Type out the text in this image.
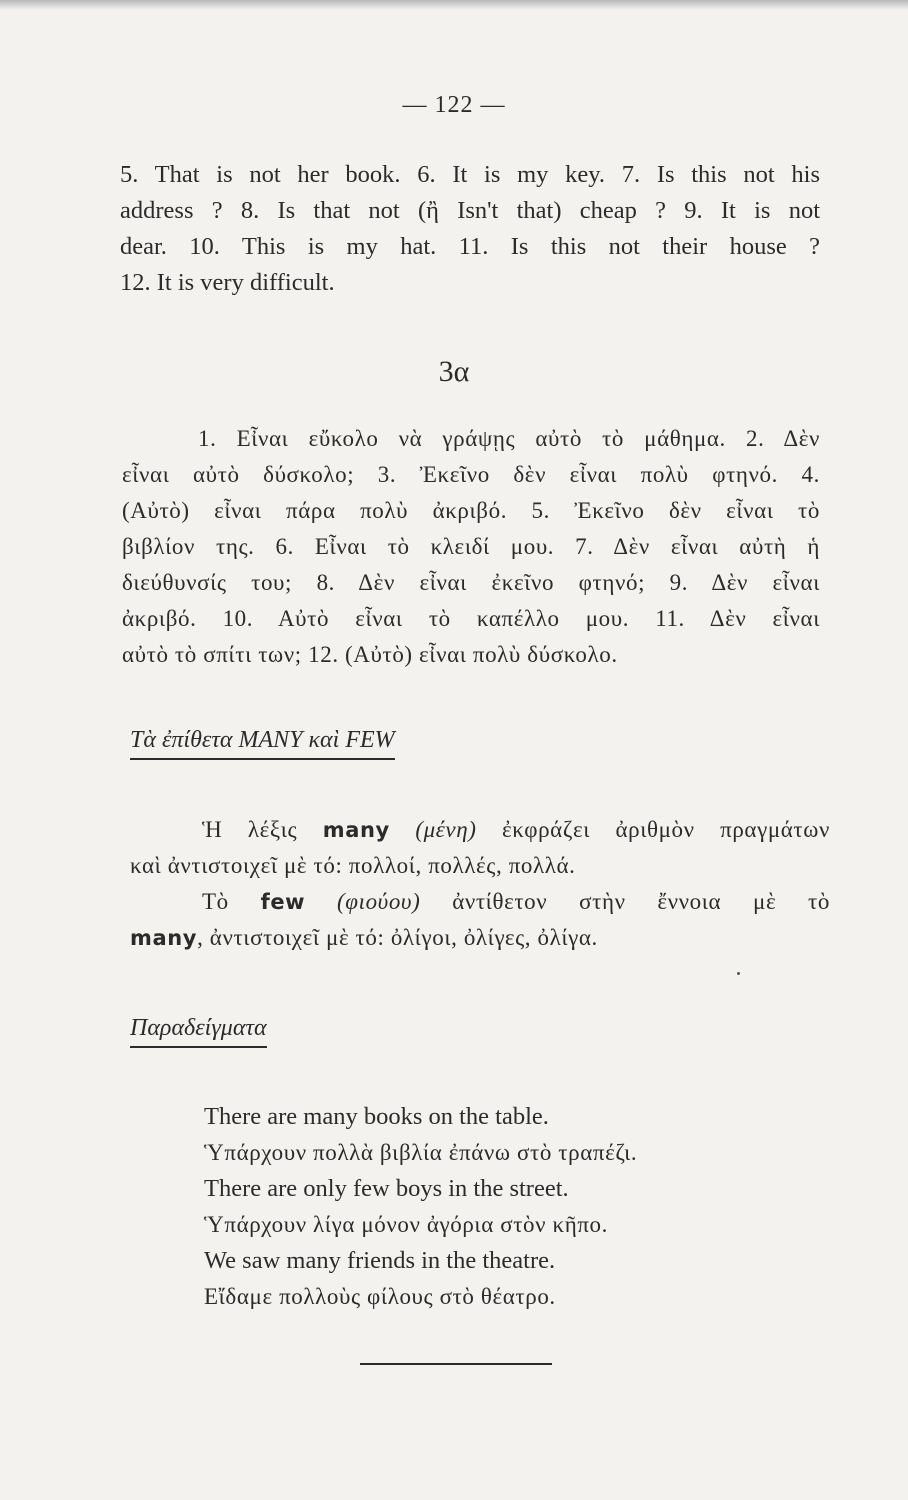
— 122 —
5. That is not her book. 6. It is my key. 7. Is this not his
address ? 8. Is that not (ἢ Isn't that) cheap ? 9. It is not
dear. 10. This is my hat. 11. Is this not their house ?
12. It is very difficult.
3α
1. Εἶναι εὔκολο νὰ γράψῃς αὐτὸ τὸ μάθημα. 2. Δὲν
εἶναι αὐτὸ δύσκολο; 3. Ἐκεῖνο δὲν εἶναι πολὺ φτηνό. 4.
(Αὐτὸ) εἶναι πάρα πολὺ ἀκριβό. 5. Ἐκεῖνο δὲν εἶναι τὸ
βιβλίον της. 6. Εἶναι τὸ κλειδί μου. 7. Δὲν εἶναι αὐτὴ ἡ
διεύθυνσίς του; 8. Δὲν εἶναι ἐκεῖνο φτηνό; 9. Δὲν εἶναι
ἀκριβό. 10. Αὐτὸ εἶναι τὸ καπέλλο μου. 11. Δὲν εἶναι
αὐτὸ τὸ σπίτι των; 12. (Αὐτὸ) εἶναι πολὺ δύσκολο.
Τὰ ἐπίθετα MANY καὶ FEW
Ἡ λέξις many (μένη) ἐκφράζει ἀριθμὸν πραγμάτων
καὶ ἀντιστοιχεῖ μὲ τό: πολλοί, πολλές, πολλά.
Τὸ few (φιούου) ἀντίθετον στὴν ἔννοια μὲ τὸ
many, ἀντιστοιχεῖ μὲ τό: ὀλίγοι, ὀλίγες, ὀλίγα.
Παραδείγματα
There are many books on the table.
Ὑπάρχουν πολλὰ βιβλία ἐπάνω στὸ τραπέζι.
There are only few boys in the street.
Ὑπάρχουν λίγα μόνον ἀγόρια στὸν κῆπο.
We saw many friends in the theatre.
Εἴδαμε πολλοὺς φίλους στὸ θέατρο.
